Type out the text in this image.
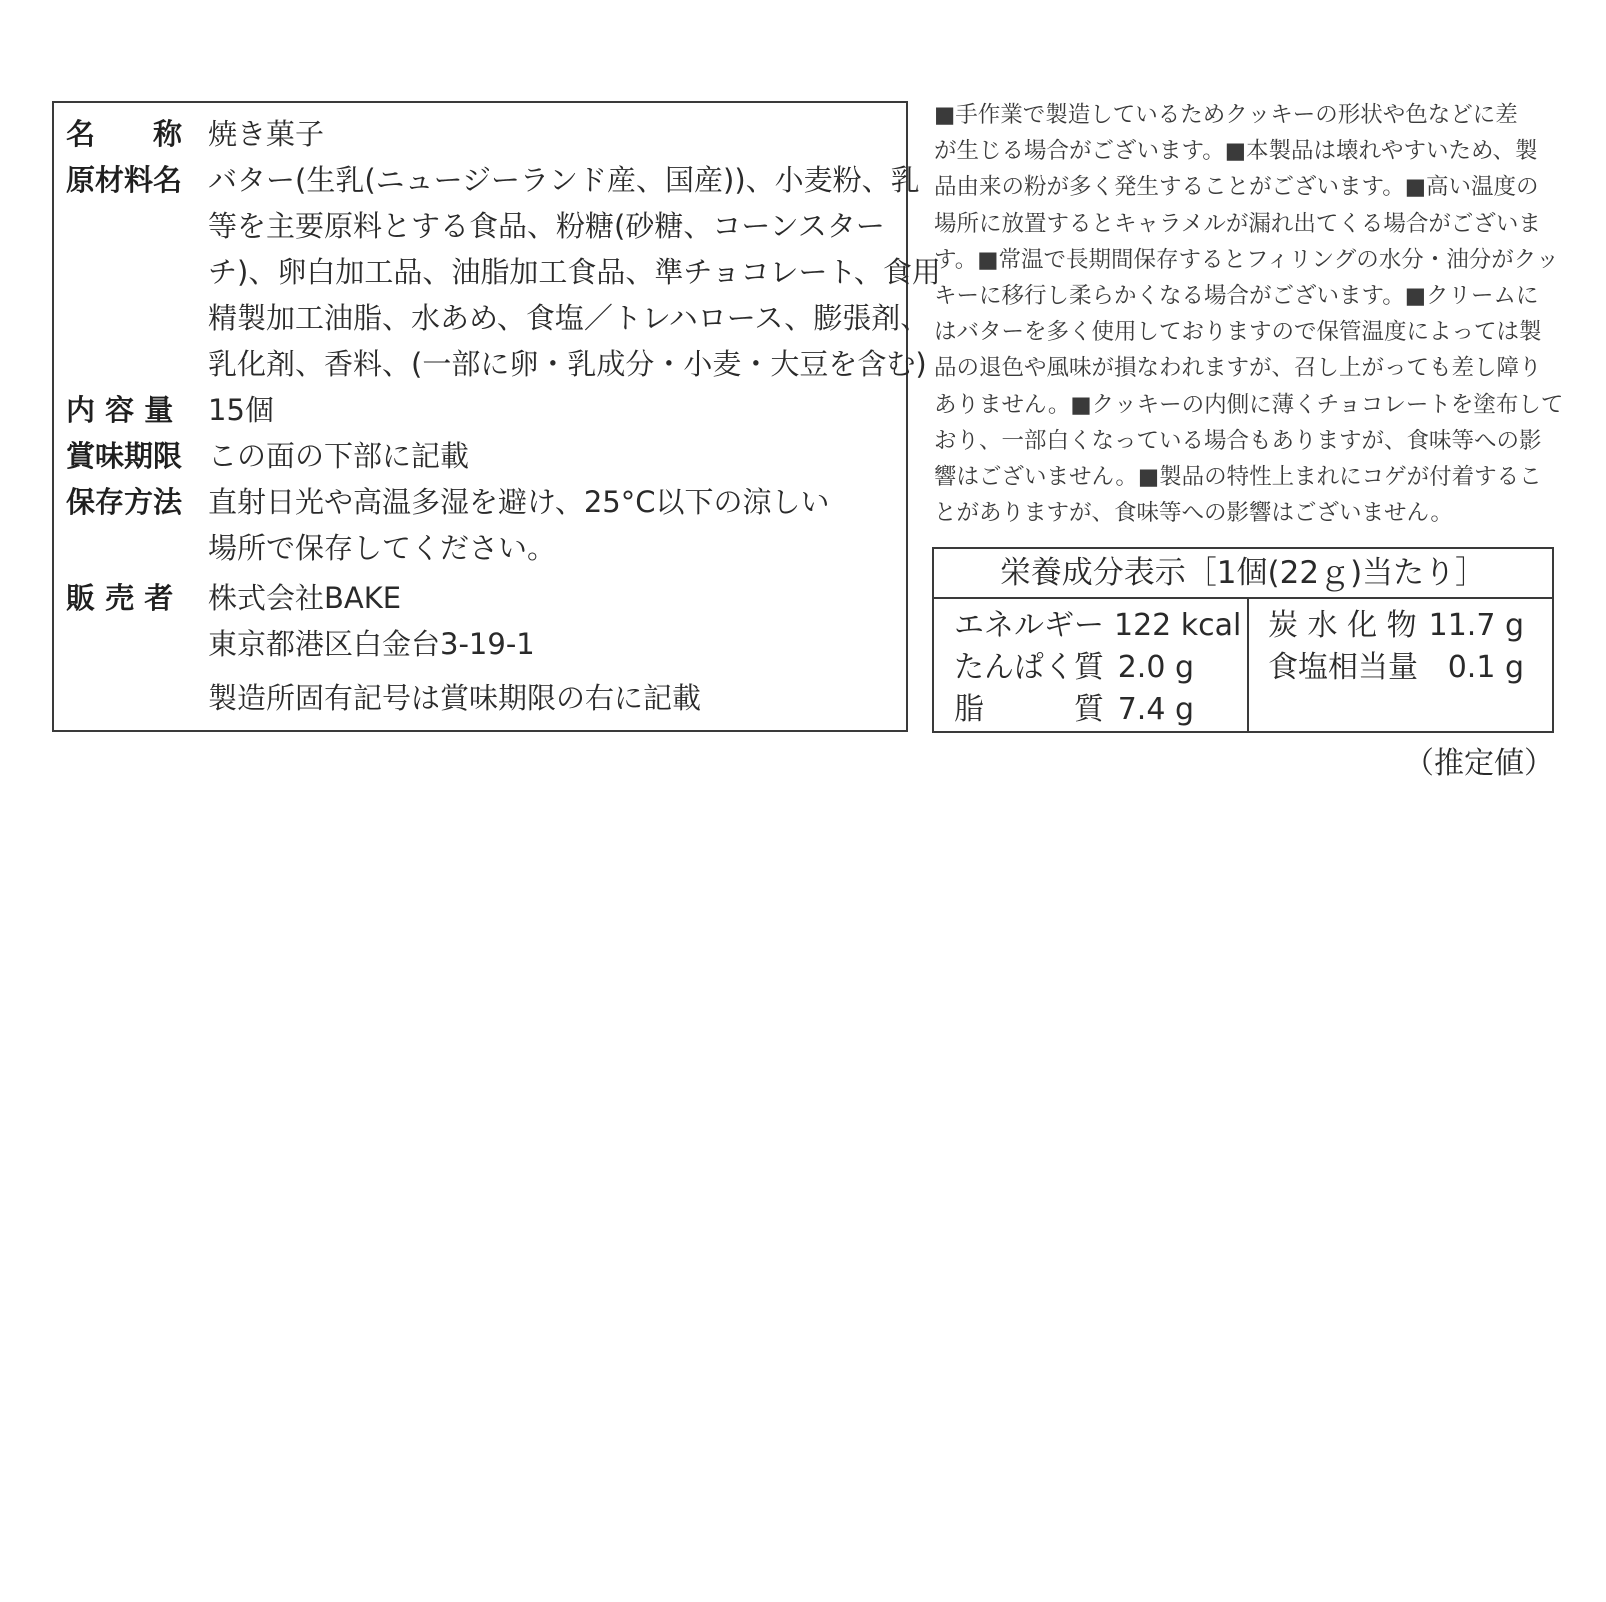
名　　称 焼き菓子
原材料名 バター(生乳(ニュージーランド産、国産))、小麦粉、乳
等を主要原料とする食品、粉糖(砂糖、コーンスター
チ)、卵白加工品、油脂加工食品、準チョコレート、食用
精製加工油脂、水あめ、食塩／トレハロース、膨張剤、
乳化剤、香料、(一部に卵・乳成分・小麦・大豆を含む)
内 容 量	15個
賞味期限 この面の下部に記載
保存方法 直射日光や高温多湿を避け、25°C以下の涼しい
場所で保存してください。
販 売 者	株式会社BAKE
東京都港区白金台3-19-1
製造所固有記号は賞味期限の右に記載
■手作業で製造しているためクッキーの形状や色などに差
が生じる場合がございます。■本製品は壊れやすいため、製
品由来の粉が多く発生することがございます。■高い温度の
場所に放置するとキャラメルが漏れ出てくる場合がございま
す。■常温で長期間保存するとフィリングの水分・油分がクッ
キーに移行し柔らかくなる場合がございます。■クリームに
はバターを多く使用しておりますので保管温度によっては製
品の退色や風味が損なわれますが、召し上がっても差し障り
ありません。■クッキーの内側に薄くチョコレートを塗布して
おり、一部白くなっている場合もありますが、食味等への影
響はございません。■製品の特性上まれにコゲが付着するこ
とがありますが、食味等への影響はございません。
栄養成分表示［1個(22ｇ)当たり］
エネルギー 122 kcal
たんぱく質 2.0 g
脂　　　質 7.4 g
炭 水 化 物 11.7 g
食塩相当量 0.1 g
（推定値）
